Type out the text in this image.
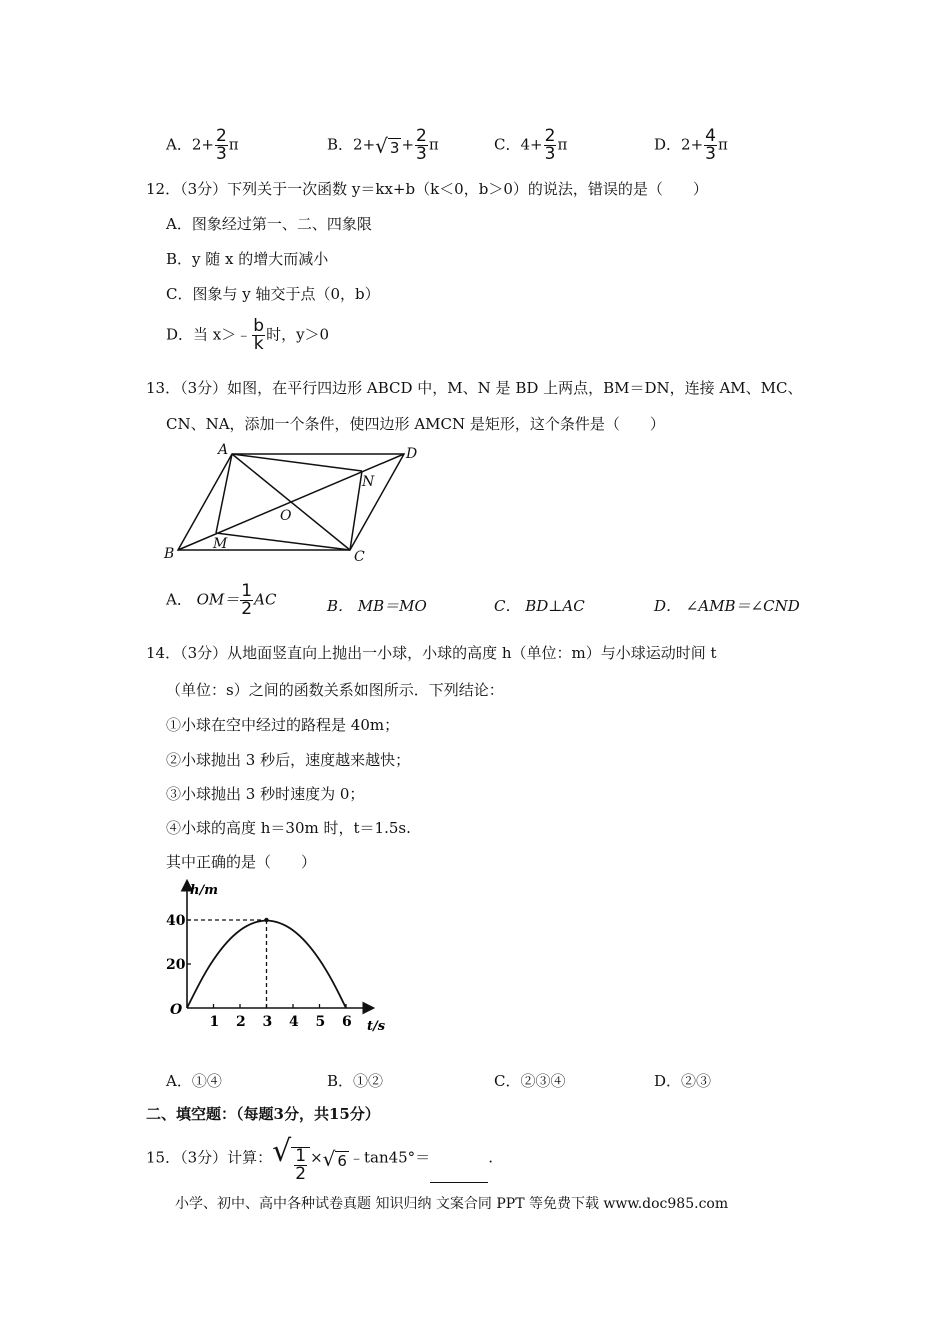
A．$2+ \frac{2}{3}$ π	B．2+√ $3 + \frac{2}{3}$ π	C．$4+ \frac{2}{3}$ π	D．$2+ \frac{4}{3}$ π
12．（3分）下列关于一次函数 y＝kx+b（k＜0，b＞0）的说法，错误的是（　　）
A．图象经过第一、二、四象限
B．y 随 x 的增大而减小
C．图象与 y 轴交于点（0，b）
D．当 x＞﹣ $\frac{b}{k}$ 时，y＞0
13．（3分）如图，在平行四边形 ABCD 中，M、N 是 BD 上两点，BM＝DN，连接 AM、MC、
CN、NA，添加一个条件，使四边形 AMCN 是矩形，这个条件是（　　）
A	D
B	C
M
N
O
A． $OM= \frac{1}{2}$ AC	B． MB＝MO	C． BD⊥AC	D． ∠AMB＝∠CND
14．（3分）从地面竖直向上抛出一小球，小球的高度 h（单位：m）与小球运动时间 t
（单位：s）之间的函数关系如图所示．下列结论：
①小球在空中经过的路程是 40m；
②小球抛出 3 秒后，速度越来越快；
③小球抛出 3 秒时速度为 0；
④小球的高度 h＝30m 时，t＝1.5s.
其中正确的是（　　）
1 2 3 4 5 6
20
40
O
h/m
t/s
A．①④	B．①②	C．②③④	D．②③
二、填空题：（每题3分，共15分）
15．（3分）计算：√ $\frac{1}{2}$ ×√ 6 ﹣tan45°＝	.
小学、初中、高中各种试卷真题 知识归纳 文案合同 PPT 等免费下载 www.doc985.com
